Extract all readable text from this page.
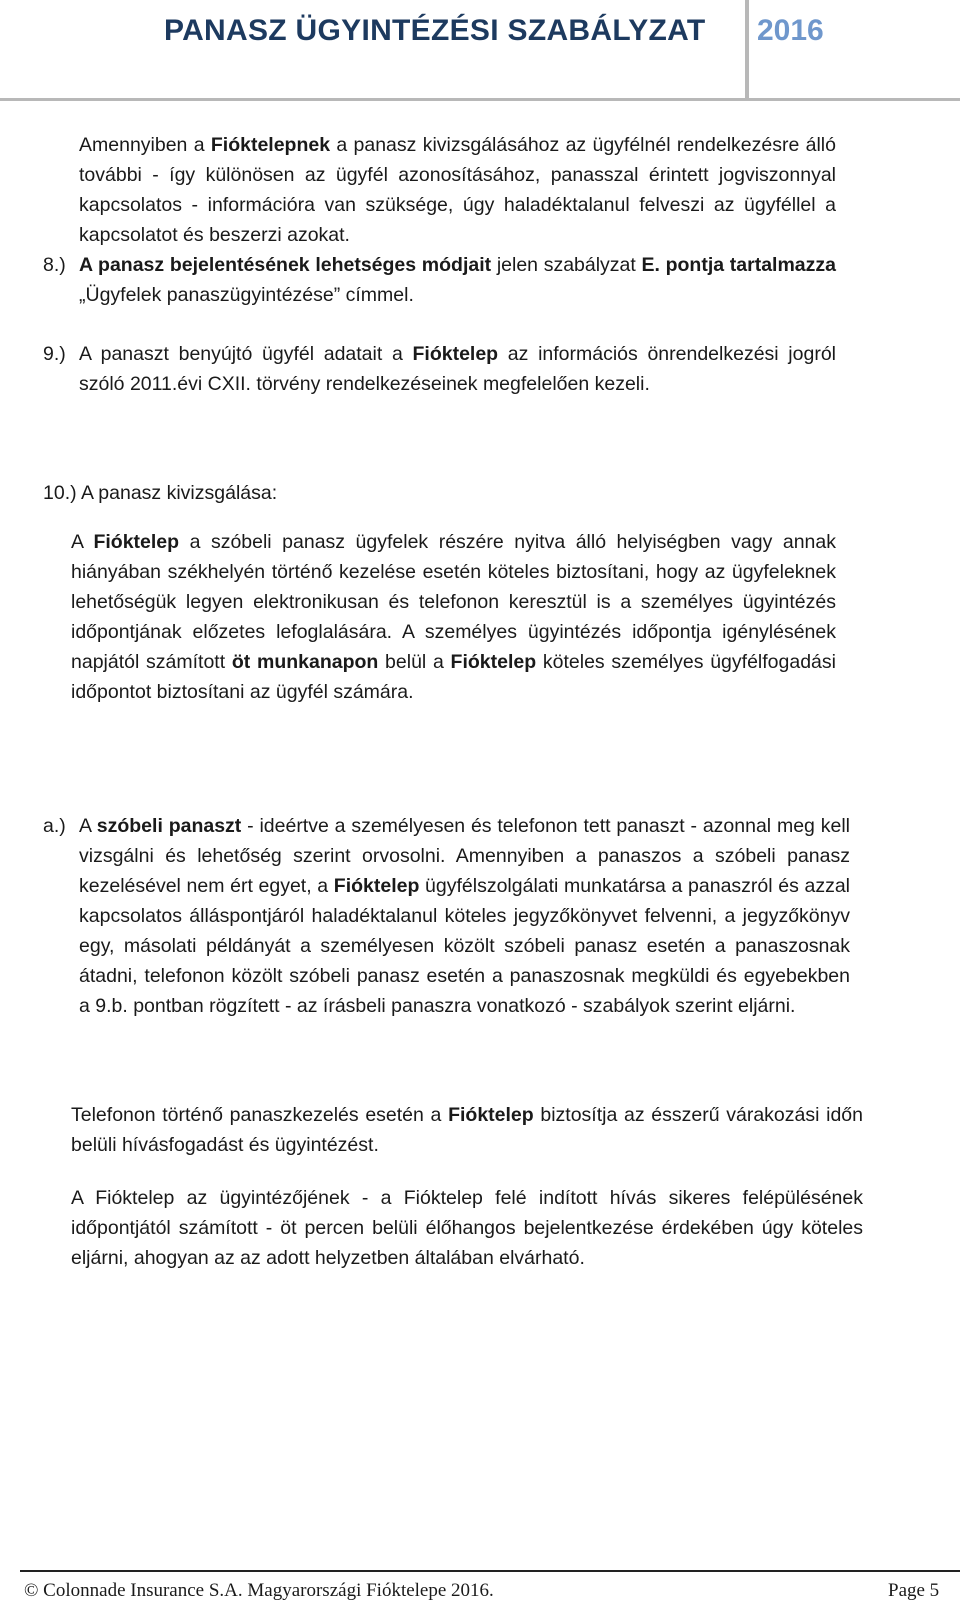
PANASZ ÜGYINTÉZÉSI SZABÁLYZAT 2016

Amennyiben a Fióktelepnek a panasz kivizsgálásához az ügyfélnél rendelkezésre álló további - így különösen az ügyfél azonosításához, panasszal érintett jogviszonnyal kapcsolatos - információra van szüksége, úgy haladéktalanul felveszi az ügyféllel a kapcsolatot és beszerzi azokat.

8.) A panasz bejelentésének lehetséges módjait jelen szabályzat E. pontja tartalmazza „Ügyfelek panaszügyintézése” címmel.

9.) A panaszt benyújtó ügyfél adatait a Fióktelep az információs önrendelkezési jogról szóló 2011.évi CXII. törvény rendelkezéseinek megfelelően kezeli.

10.) A panasz kivizsgálása:

A Fióktelep a szóbeli panasz ügyfelek részére nyitva álló helyiségben vagy annak hiányában székhelyén történő kezelése esetén köteles biztosítani, hogy az ügyfeleknek lehetőségük legyen elektronikusan és telefonon keresztül is a személyes ügyintézés időpontjának előzetes lefoglalására. A személyes ügyintézés időpontja igénylésének napjától számított öt munkanapon belül a Fióktelep köteles személyes ügyfélfogadási időpontot biztosítani az ügyfél számára.

a.) A szóbeli panaszt - ideértve a személyesen és telefonon tett panaszt - azonnal meg kell vizsgálni és lehetőség szerint orvosolni. Amennyiben a panaszos a szóbeli panasz kezelésével nem ért egyet, a Fióktelep ügyfélszolgálati munkatársa a panaszról és azzal kapcsolatos álláspontjáról haladéktalanul köteles jegyzőkönyvet felvenni, a jegyzőkönyv egy, másolati példányát a személyesen közölt szóbeli panasz esetén a panaszosnak átadni, telefonon közölt szóbeli panasz esetén a panaszosnak megküldi és egyebekben a 9.b. pontban rögzített - az írásbeli panaszra vonatkozó - szabályok szerint eljárni.

Telefonon történő panaszkezelés esetén a Fióktelep biztosítja az ésszerű várakozási időn belüli hívásfogadást és ügyintézést.

A Fióktelep az ügyintézőjének - a Fióktelep felé indított hívás sikeres felépülésének időpontjától számított - öt percen belüli élőhangos bejelentkezése érdekében úgy köteles eljárni, ahogyan az az adott helyzetben általában elvárható.

© Colonnade Insurance S.A. Magyarországi Fióktelepe 2016.	Page 5
